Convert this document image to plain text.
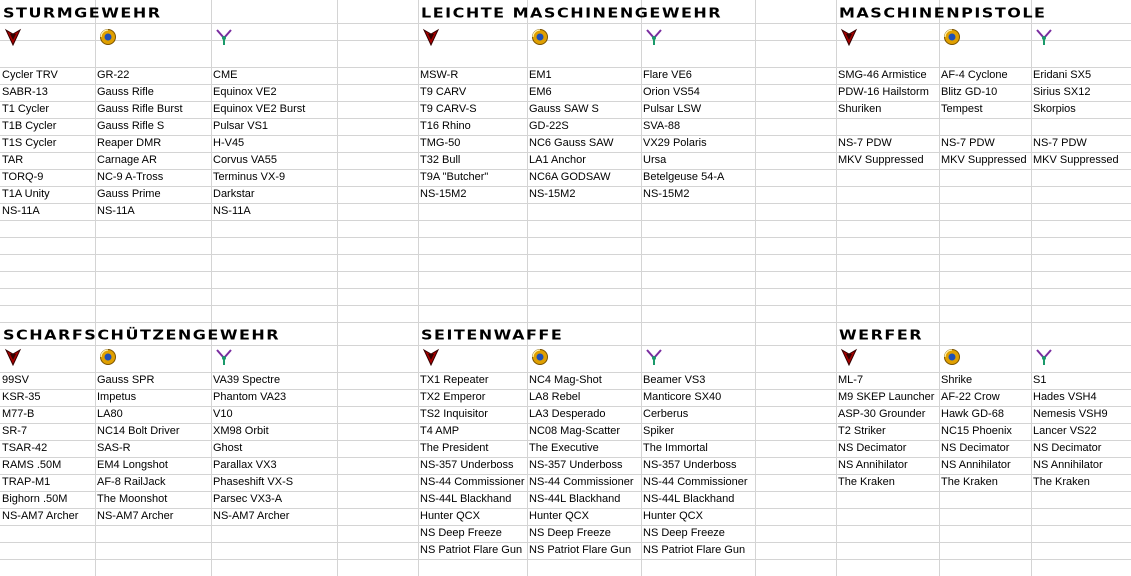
STURMGEWEHR
Cycler TRV
SABR-13
T1 Cycler
T1B Cycler
T1S Cycler
TAR
TORQ-9
T1A Unity
NS-11A
GR-22
Gauss Rifle
Gauss Rifle Burst
Gauss Rifle S
Reaper DMR
Carnage AR
NC-9 A-Tross
Gauss Prime
NS-11A
CME
Equinox VE2
Equinox VE2 Burst
Pulsar VS1
H-V45
Corvus VA55
Terminus VX-9
Darkstar
NS-11A
LEICHTE MASCHINENGEWEHR
MSW-R
T9 CARV
T9 CARV-S
T16 Rhino
TMG-50
T32 Bull
T9A "Butcher"
NS-15M2
EM1
EM6
Gauss SAW S
GD-22S
NC6 Gauss SAW
LA1 Anchor
NC6A GODSAW
NS-15M2
Flare VE6
Orion VS54
Pulsar LSW
SVA-88
VX29 Polaris
Ursa
Betelgeuse 54-A
NS-15M2
MASCHINENPISTOLE
SMG-46 Armistice
PDW-16 Hailstorm
Shuriken
NS-7 PDW
MKV Suppressed
AF-4 Cyclone
Blitz GD-10
Tempest
NS-7 PDW
MKV Suppressed
Eridani SX5
Sirius SX12
Skorpios
NS-7 PDW
MKV Suppressed
SCHARFSCHÜTZENGEWEHR
99SV
KSR-35
M77-B
SR-7
TSAR-42
RAMS .50M
TRAP-M1
Bighorn .50M
NS-AM7 Archer
Gauss SPR
Impetus
LA80
NC14 Bolt Driver
SAS-R
EM4 Longshot
AF-8 RailJack
The Moonshot
NS-AM7 Archer
VA39 Spectre
Phantom VA23
V10
XM98 Orbit
Ghost
Parallax VX3
Phaseshift VX-S
Parsec VX3-A
NS-AM7 Archer
SEITENWAFFE
TX1 Repeater
TX2 Emperor
TS2 Inquisitor
T4 AMP
The President
NS-357 Underboss
NS-44 Commissioner
NS-44L Blackhand
Hunter QCX
NS Deep Freeze
NS Patriot Flare Gun
NC4 Mag-Shot
LA8 Rebel
LA3 Desperado
NC08 Mag-Scatter
The Executive
NS-357 Underboss
NS-44 Commissioner
NS-44L Blackhand
Hunter QCX
NS Deep Freeze
NS Patriot Flare Gun
Beamer VS3
Manticore SX40
Cerberus
Spiker
The Immortal
NS-357 Underboss
NS-44 Commissioner
NS-44L Blackhand
Hunter QCX
NS Deep Freeze
NS Patriot Flare Gun
WERFER
ML-7
M9 SKEP Launcher
ASP-30 Grounder
T2 Striker
NS Decimator
NS Annihilator
The Kraken
Shrike
AF-22 Crow
Hawk GD-68
NC15 Phoenix
NS Decimator
NS Annihilator
The Kraken
S1
Hades VSH4
Nemesis VSH9
Lancer VS22
NS Decimator
NS Annihilator
The Kraken
